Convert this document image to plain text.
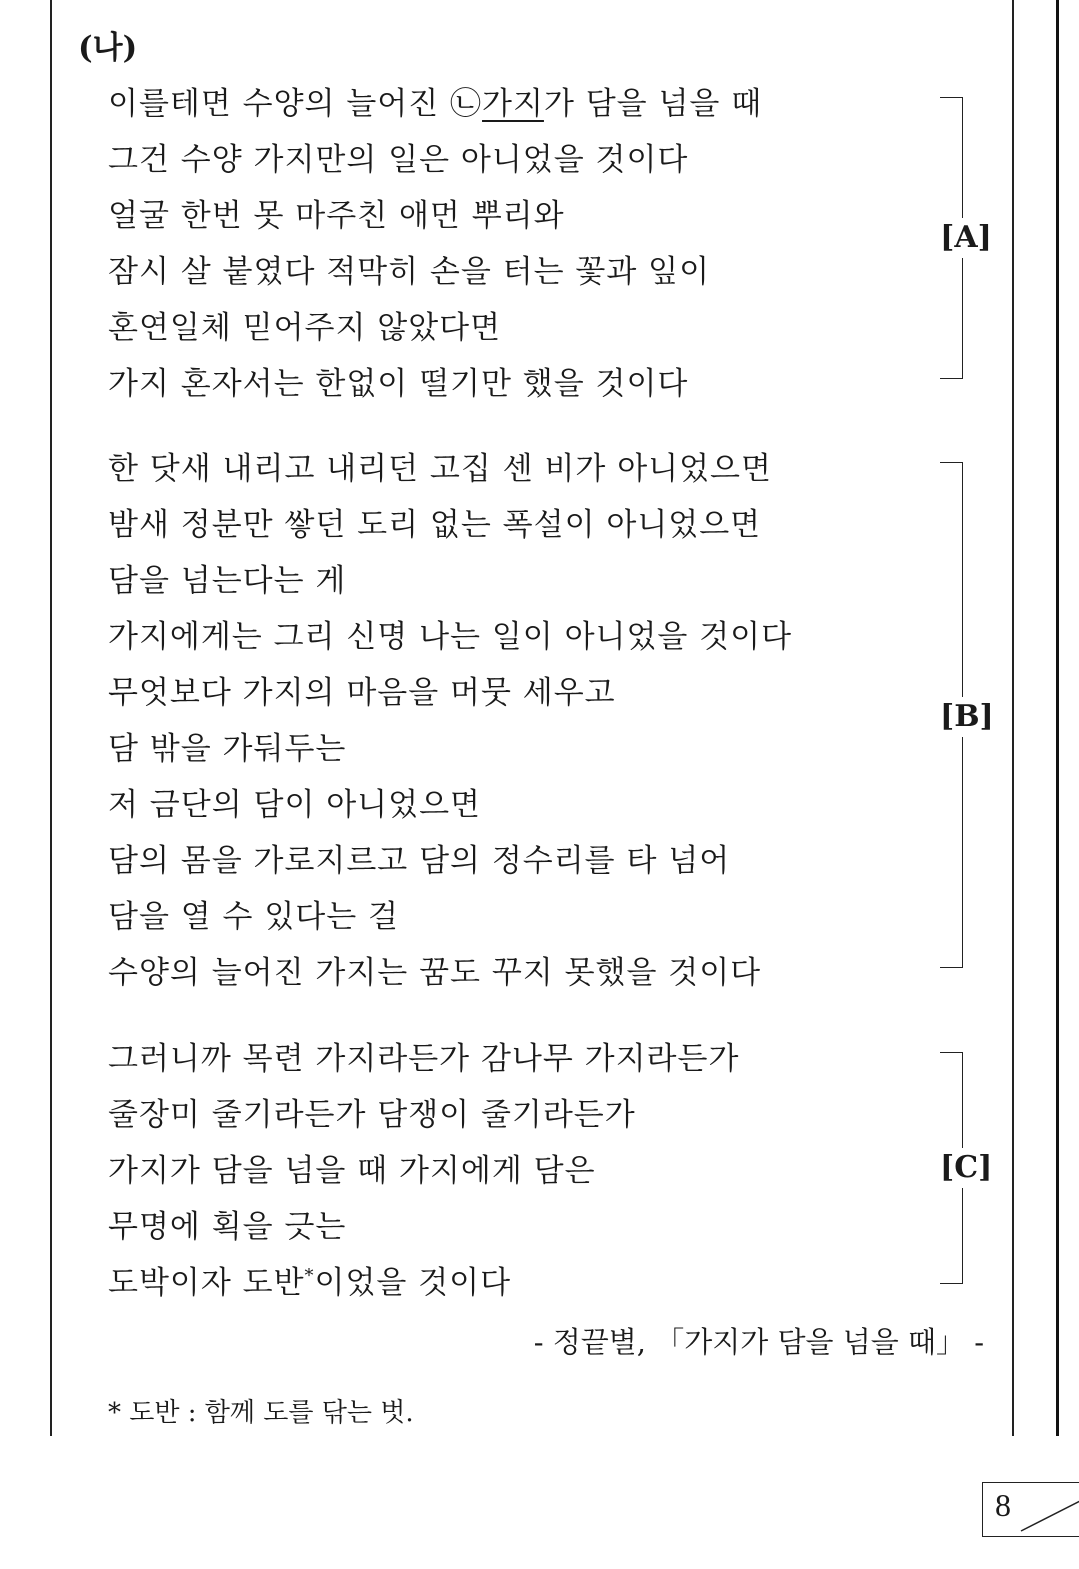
(나)
이를테면 수양의 늘어진 ㉡가지가 담을 넘을 때
그건 수양 가지만의 일은 아니었을 것이다
얼굴 한번 못 마주친 애먼 뿌리와
잠시 살 붙였다 적막히 손을 터는 꽃과 잎이
혼연일체 믿어주지 않았다면
가지 혼자서는 한없이 떨기만 했을 것이다
[A]
한 닷새 내리고 내리던 고집 센 비가 아니었으면
밤새 정분만 쌓던 도리 없는 폭설이 아니었으면
담을 넘는다는 게
가지에게는 그리 신명 나는 일이 아니었을 것이다
무엇보다 가지의 마음을 머뭇 세우고
담 밖을 가둬두는
저 금단의 담이 아니었으면
담의 몸을 가로지르고 담의 정수리를 타 넘어
담을 열 수 있다는 걸
수양의 늘어진 가지는 꿈도 꾸지 못했을 것이다
[B]
그러니까 목련 가지라든가 감나무 가지라든가
줄장미 줄기라든가 담쟁이 줄기라든가
가지가 담을 넘을 때 가지에게 담은
무명에 획을 긋는
도박이자 도반*이었을 것이다
[C]
- 정끝별, 「가지가 담을 넘을 때」 -
* 도반 : 함께 도를 닦는 벗.
8
